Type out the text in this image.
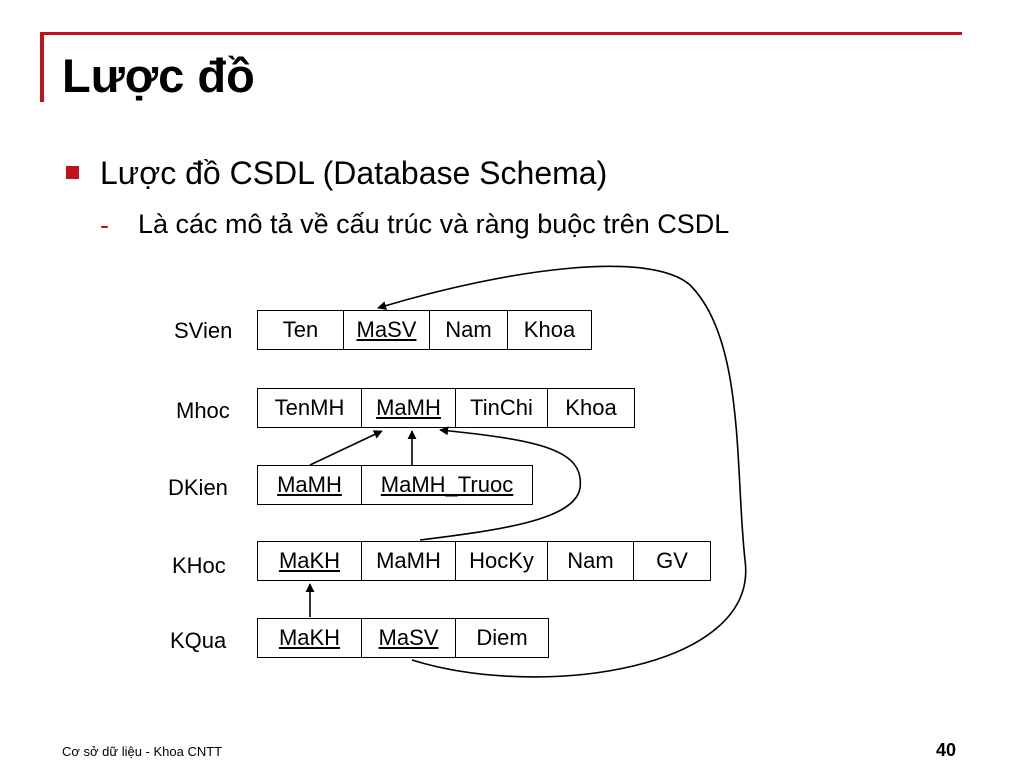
Lược đồ
Lược đồ CSDL (Database Schema)
- Là các mô tả về cấu trúc và ràng buộc trên CSDL
SVien	Ten	MaSV	Nam	Khoa
Mhoc	TenMH	MaMH	TinChi	Khoa
DKien	MaMH	MaMH_Truoc
KHoc	MaKH	MaMH	HocKy	Nam	GV
KQua	MaKH	MaSV	Diem
Cơ sở dữ liệu - Khoa CNTT	40
